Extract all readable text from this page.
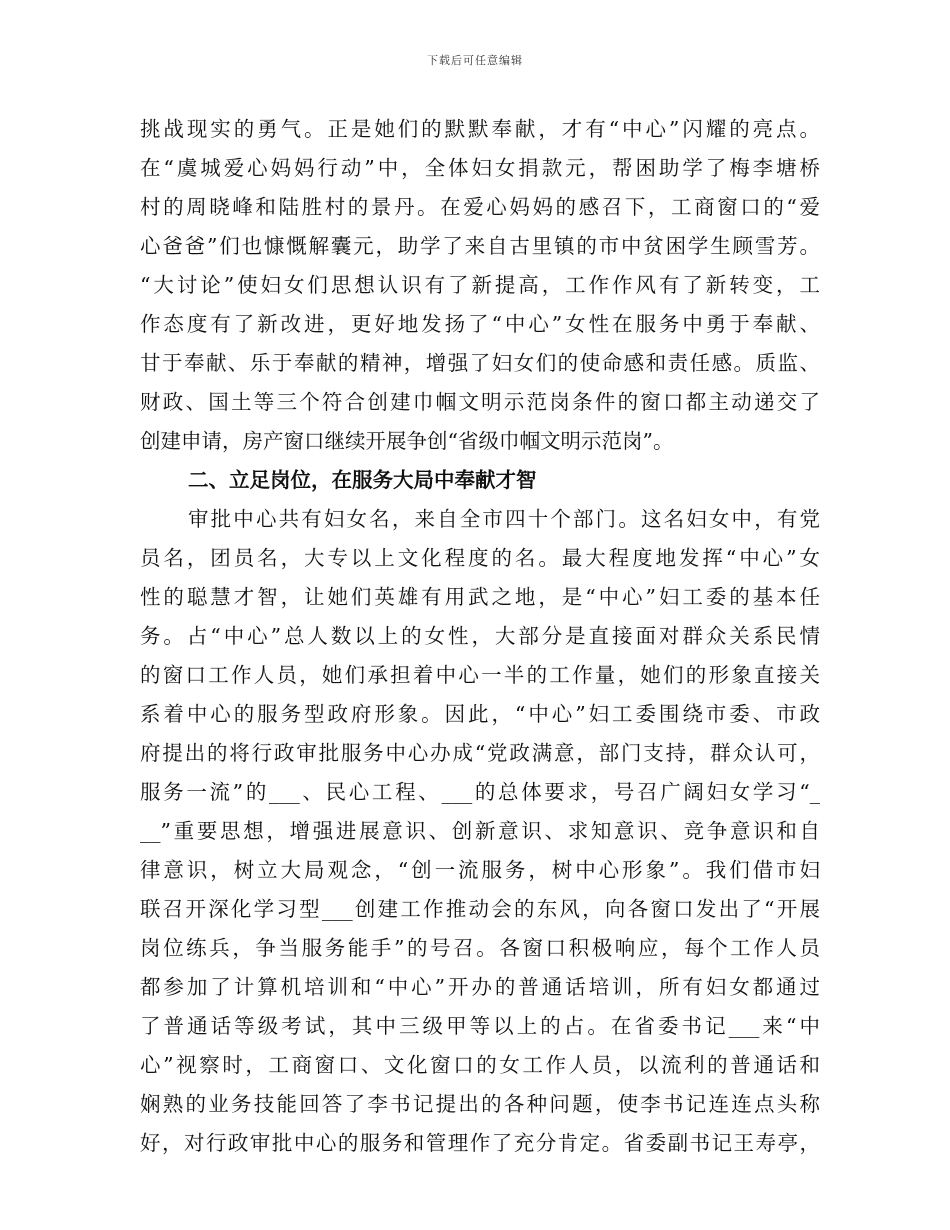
下载后可任意编辑
挑战现实的勇气。正是她们的默默奉献，才有“中心”闪耀的亮点。
在“虞城爱心妈妈行动”中，全体妇女捐款元，帮困助学了梅李塘桥
村的周晓峰和陆胜村的景丹。在爱心妈妈的感召下，工商窗口的“爱
心爸爸”们也慷慨解囊元，助学了来自古里镇的市中贫困学生顾雪芳。
“大讨论”使妇女们思想认识有了新提高，工作作风有了新转变，工
作态度有了新改进，更好地发扬了“中心”女性在服务中勇于奉献、
甘于奉献、乐于奉献的精神，增强了妇女们的使命感和责任感。质监、
财政、国土等三个符合创建巾帼文明示范岗条件的窗口都主动递交了
创建申请，房产窗口继续开展争创“省级巾帼文明示范岗”。
二、立足岗位，在服务大局中奉献才智
审批中心共有妇女名，来自全市四十个部门。这名妇女中，有党
员名，团员名，大专以上文化程度的名。最大程度地发挥“中心”女
性的聪慧才智，让她们英雄有用武之地，是“中心”妇工委的基本任
务。占“中心”总人数以上的女性，大部分是直接面对群众关系民情
的窗口工作人员，她们承担着中心一半的工作量，她们的形象直接关
系着中心的服务型政府形象。因此，“中心”妇工委围绕市委、市政
府提出的将行政审批服务中心办成“党政满意，部门支持，群众认可，
服务一流”的___、民心工程、___的总体要求，号召广阔妇女学习“_
__”重要思想，增强进展意识、创新意识、求知意识、竞争意识和自
律意识，树立大局观念，“创一流服务，树中心形象”。我们借市妇
联召开深化学习型___创建工作推动会的东风，向各窗口发出了“开展
岗位练兵，争当服务能手”的号召。各窗口积极响应，每个工作人员
都参加了计算机培训和“中心”开办的普通话培训，所有妇女都通过
了普通话等级考试，其中三级甲等以上的占。在省委书记___来“中
心”视察时，工商窗口、文化窗口的女工作人员，以流利的普通话和
娴熟的业务技能回答了李书记提出的各种问题，使李书记连连点头称
好，对行政审批中心的服务和管理作了充分肯定。省委副书记王寿亭，
